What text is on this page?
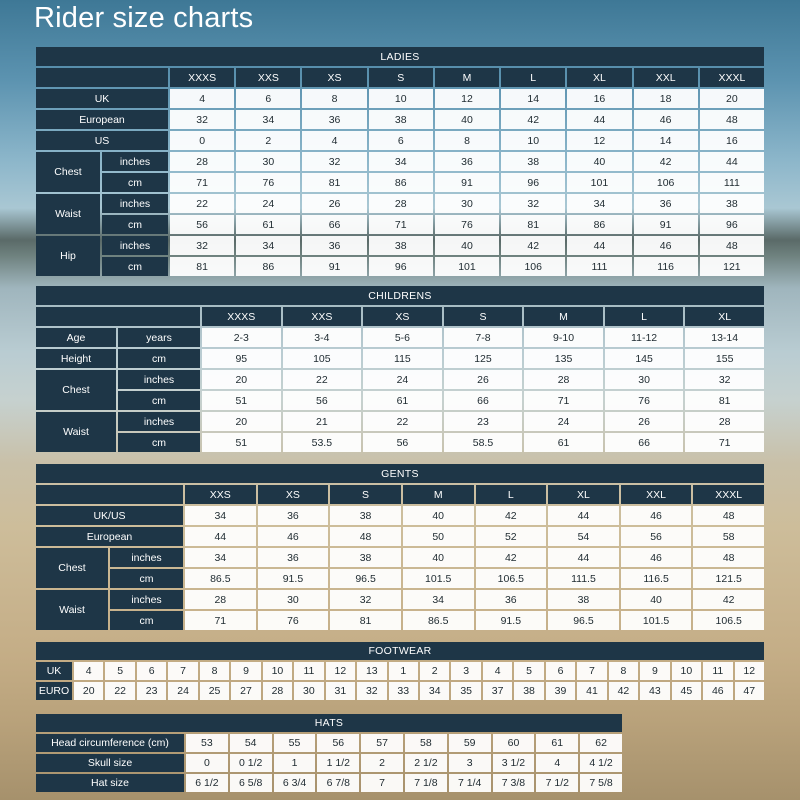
Rider size charts
LADIES										
		XXXS	XXS	XS	S	M	L	XL	XXL	XXXL
UK		4	6	8	10	12	14	16	18	20
European		32	34	36	38	40	42	44	46	48
US		0	2	4	6	8	10	12	14	16
Chest	inches	28	30	32	34	36	38	40	42	44
	cm	71	76	81	86	91	96	101	106	111
Waist	inches	22	24	26	28	30	32	34	36	38
	cm	56	61	66	71	76	81	86	91	96
Hip	inches	32	34	36	38	40	42	44	46	48
	cm	81	86	91	96	101	106	111	116	121
CHILDRENS								
		XXXS	XXS	XS	S	M	L	XL
Age	years	2-3	3-4	5-6	7-8	9-10	11-12	13-14
Height	cm	95	105	115	125	135	145	155
Chest	inches	20	22	24	26	28	30	32
	cm	51	56	61	66	71	76	81
Waist	inches	20	21	22	23	24	26	28
	cm	51	53.5	56	58.5	61	66	71
GENTS									
		XXS	XS	S	M	L	XL	XXL	XXXL
UK/US		34	36	38	40	42	44	46	48
European		44	46	48	50	52	54	56	58
Chest	inches	34	36	38	40	42	44	46	48
	cm	86.5	91.5	96.5	101.5	106.5	111.5	116.5	121.5
Waist	inches	28	30	32	34	36	38	40	42
	cm	71	76	81	86.5	91.5	96.5	101.5	106.5
FOOTWEAR																						
UK	4	5	6	7	8	9	10	11	12	13	1	2	3	4	5	6	7	8	9	10	11	12
EURO	20	22	23	24	25	27	28	30	31	32	33	34	35	37	38	39	41	42	43	45	46	47
HATS										
Head circumference (cm)	53	54	55	56	57	58	59	60	61	62
Skull size	0	0 1/2	1	1 1/2	2	2 1/2	3	3 1/2	4	4 1/2
Hat size	6 1/2	6 5/8	6 3/4	6 7/8	7	7 1/8	7 1/4	7 3/8	7 1/2	7 5/8
